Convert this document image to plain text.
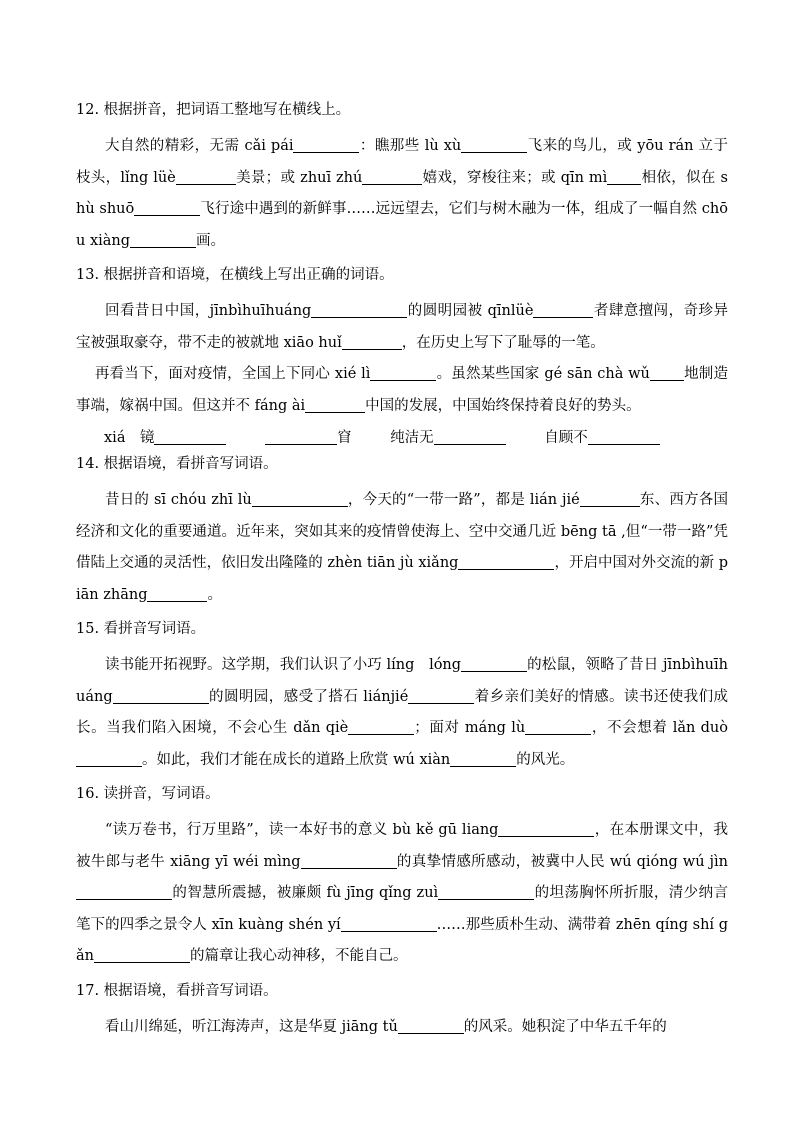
12. 根据拼音，把词语工整地写在横线上。

大自然的精彩，无需 cǎi pái	：瞧那些 lù xù	飞来的鸟儿，或 yōu rán 立于枝头，lǐng lüè	美景；或 zhuī zhú	嬉戏，穿梭往来；或 qīn mì 相依，似在 shù shuō	飞行途中遇到的新鲜事……远远望去，它们与树木融为一体，组成了一幅自然 chōu xiàng	画。

13. 根据拼音和语境，在横线上写出正确的词语。

回看昔日中国，jīnbìhuīhuáng	的圆明园被 qīnlüè	者肆意擅闯，奇珍异宝被强取豪夺，带不走的被就地 xiāo huǐ	，在历史上写下了耻辱的一笔。

再看当下，面对疫情，全国上下同心 xié lì	。虽然某些国家 gé sān chà wǔ 地制造事端，嫁祸中国。但这并不 fáng ài	中国的发展，中国始终保持着良好的势头。

xiá　镜	窅	纯洁无	自顾不
14. 根据语境，看拼音写词语。

昔日的 sī chóu zhī lù	，今天的“一带一路”，都是 lián jié	东、西方各国经济和文化的重要通道。近年来，突如其来的疫情曾使海上、空中交通几近 bēng tā ,但“一带一路”凭借陆上交通的灵活性，依旧发出隆隆的 zhèn tiān jù xiǎng	，开启中国对外交流的新 piān zhāng	。

15. 看拼音写词语。

读书能开拓视野。这学期，我们认识了小巧 líng　lóng	的松鼠，领略了昔日 jīnbìhuīhuáng	的圆明园，感受了搭石 liánjié	着乡亲们美好的情感。读书还使我们成长。当我们陷入困境，不会心生 dǎn qiè	；面对 máng lù	，不会想着 lǎn duò。如此，我们才能在成长的道路上欣赏 wú xiàn	的风光。

16. 读拼音，写词语。

“读万卷书，行万里路”，读一本好书的意义 bù kě gū liang	，在本册课文中，我被牛郎与老牛 xiāng yī wéi mìng	的真挚情感所感动，被冀中人民 wú qióng wú jìn的智慧所震撼，被廉颇 fù jīng qǐng zuì	的坦荡胸怀所折服，清少纳言笔下的四季之景令人 xīn kuàng shén yí	……那些质朴生动、满带着 zhēn qíng shí gǎn	的篇章让我心动神移，不能自己。

17. 根据语境，看拼音写词语。

看山川绵延，听江海涛声，这是华夏 jiāng tǔ	的风采。她积淀了中华五千年的
